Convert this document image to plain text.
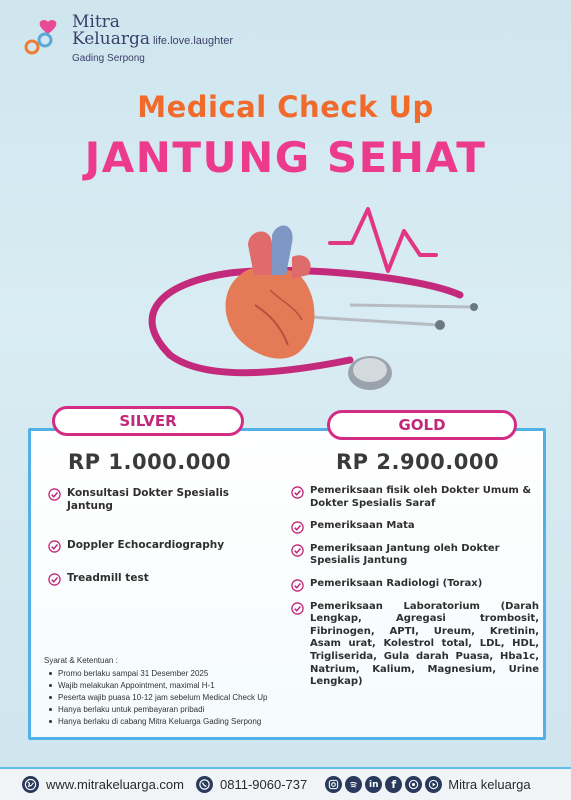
Mitra
Keluarga life.love.laughter
Gading Serpong
Medical Check Up
JANTUNG SEHAT
SILVER	GOLD
RP 1.000.000	RP 2.900.000
Konsultasi Dokter Spesialis Jantung
Doppler Echocardiography
Treadmill test
Pemeriksaan fisik oleh Dokter Umum & Dokter Spesialis Saraf
Pemeriksaan Mata
Pemeriksaan Jantung oleh Dokter Spesialis Jantung
Pemeriksaan Radiologi (Torax)
Pemeriksaan Laboratorium (Darah Lengkap, Agregasi trombosit, Fibrinogen, APTI, Ureum, Kretinin, Asam urat, Kolestrol total, LDL, HDL, Trigliserida, Gula darah Puasa, Hba1c, Natrium, Kalium, Magnesium, Urine Lengkap)
Syarat & Ketentuan :
Promo berlaku sampai 31 Desember 2025
Wajib melakukan Appointment, maximal H-1
Peserta wajib puasa 10-12 jam sebelum Medical Check Up
Hanya berlaku untuk pembayaran pribadi
Hanya berlaku di cabang Mitra Keluarga Gading Serpong
www.mitrakeluarga.com	0811-9060-737	in	f	Mitra keluarga
